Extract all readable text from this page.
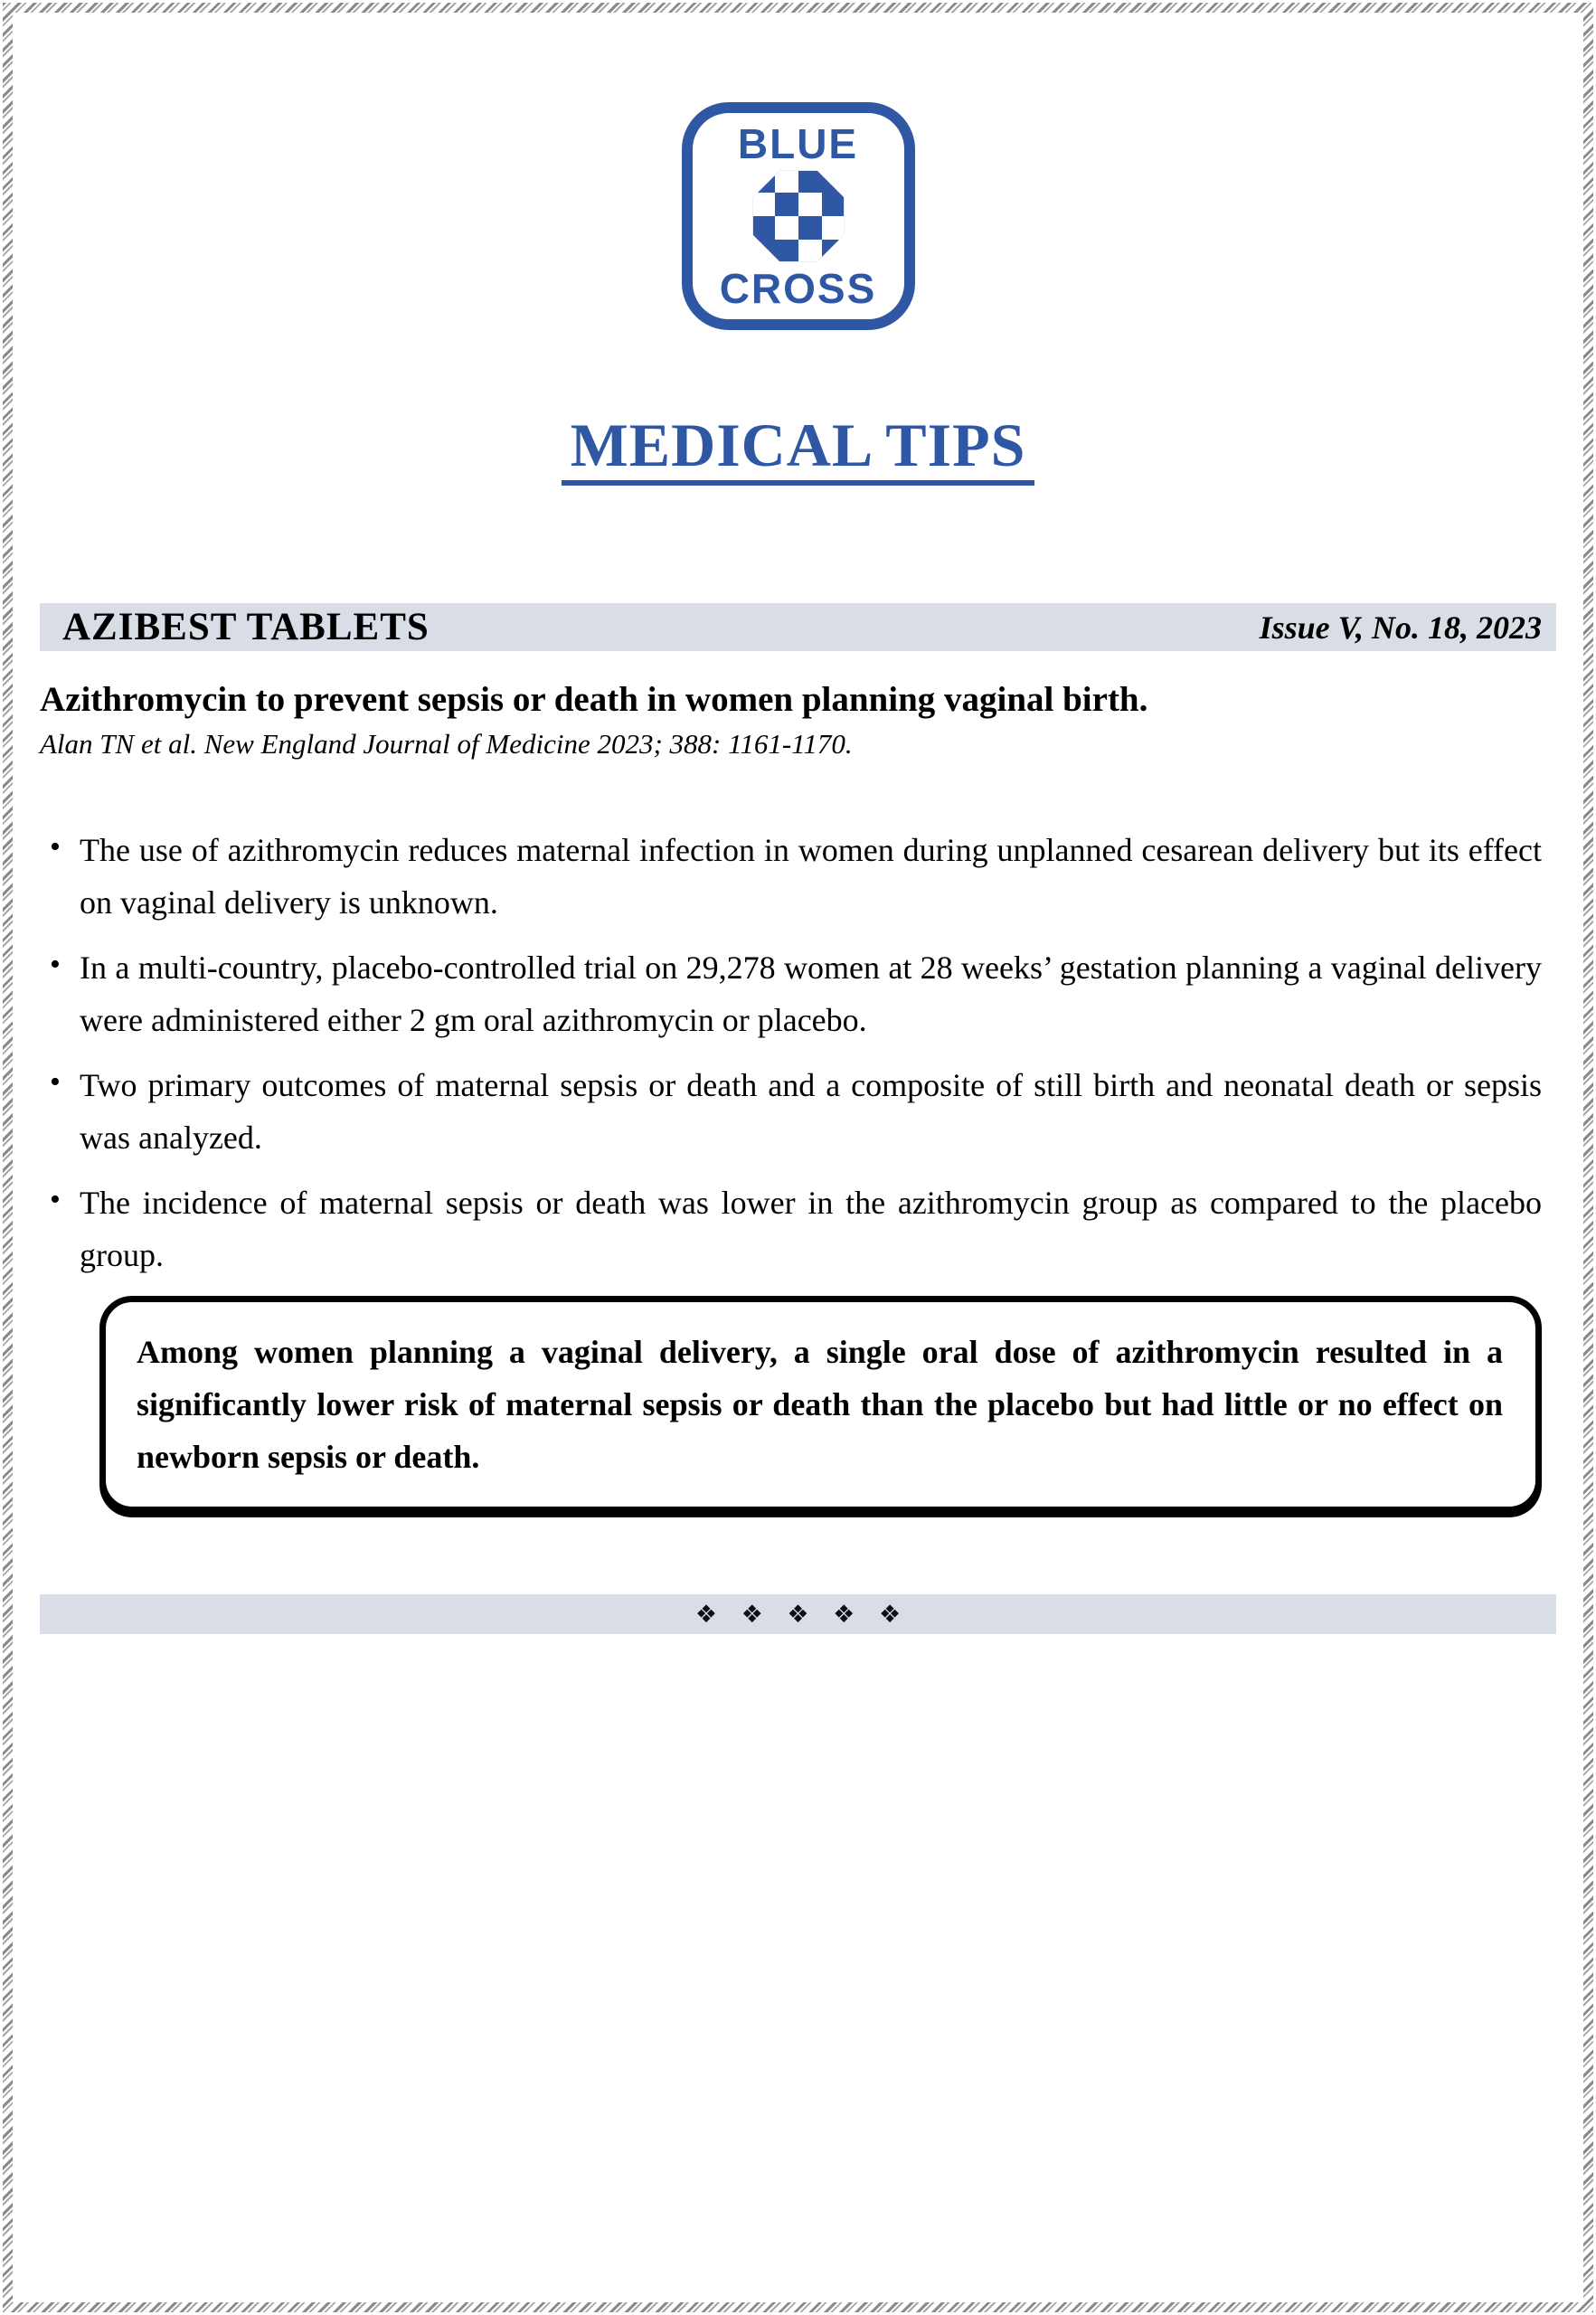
BLUE
CROSS
MEDICAL TIPS
AZIBEST TABLETS	Issue V, No. 18, 2023
Azithromycin to prevent sepsis or death in women planning vaginal birth.

Alan TN et al. New England Journal of Medicine 2023; 388: 1161-1170.

• The use of azithromycin reduces maternal infection in women during unplanned cesarean delivery but its effect on vaginal delivery is unknown.
• In a multi-country, placebo-controlled trial on 29,278 women at 28 weeks’ gestation planning a vaginal delivery were administered either 2 gm oral azithromycin or placebo.
• Two primary outcomes of maternal sepsis or death and a composite of still birth and neonatal death or sepsis was analyzed.
• The incidence of maternal sepsis or death was lower in the azithromycin group as compared to the placebo group.

Among women planning a vaginal delivery, a single oral dose of azithromycin resulted in a significantly lower risk of maternal sepsis or death than the placebo but had little or no effect on newborn sepsis or death.

❖ ❖ ❖ ❖ ❖
